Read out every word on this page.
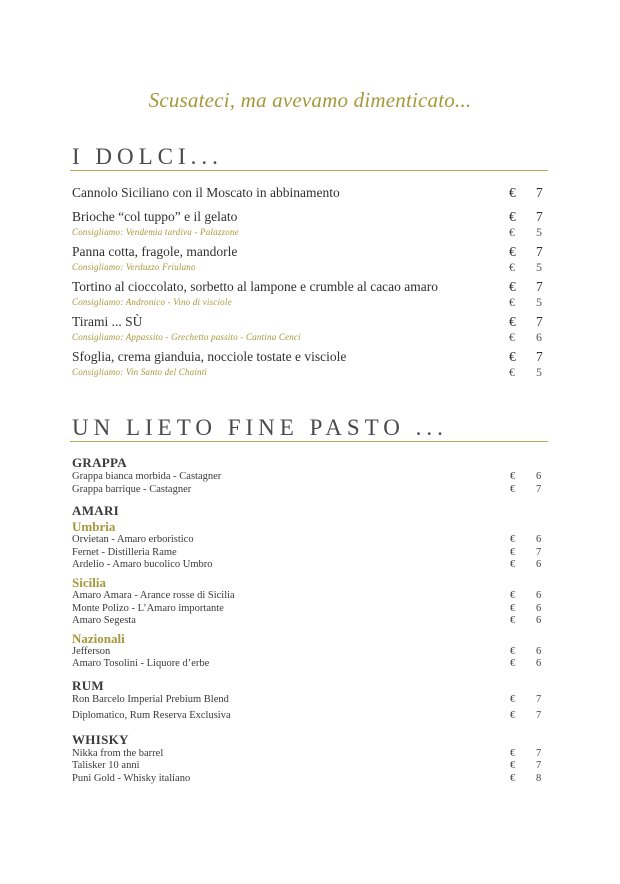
Scusateci, ma avevamo dimenticato...
I DOLCI...
Cannolo Siciliano con il Moscato in abbinamento	€ 7
Brioche “col tuppo” e il gelato	€ 7
Consigliamo: Vendemia tardiva - Palazzone	€ 5
Panna cotta, fragole, mandorle	€ 7
Consigliamo: Verduzzo Friulano	€ 5
Tortino al cioccolato, sorbetto al lampone e crumble al cacao amaro	€ 7
Consigliamo: Andronico - Vino di visciole	€ 5
Tirami ... SÙ	€ 7
Consigliamo: Appassito - Grechetto passito - Cantina Cenci	€ 6
Sfoglia, crema gianduia, nocciole tostate e visciole	€ 7
Consigliamo: Vin Santo del Chainti	€ 5
UN LIETO FINE PASTO ...
GRAPPA
Grappa bianca morbida - Castagner	€ 6
Grappa barrique - Castagner	€ 7
AMARI
Umbria
Orvietan - Amaro erboristico	€ 6
Fernet - Distilleria Rame	€ 7
Ardelio - Amaro bucolico Umbro	€ 6
Sicilia
Amaro Amara - Arance rosse di Sicilia	€ 6
Monte Polizo - L’Amaro importante	€ 6
Amaro Segesta	€ 6
Nazionali
Jefferson	€ 6
Amaro Tosolini - Liquore d’erbe	€ 6
RUM
Ron Barcelo Imperial Prebium Blend	€ 7
Diplomatico, Rum Reserva Exclusiva	€ 7
WHISKY
Nikka from the barrel	€ 7
Talisker 10 anni	€ 7
Puni Gold - Whisky italiano	€ 8
